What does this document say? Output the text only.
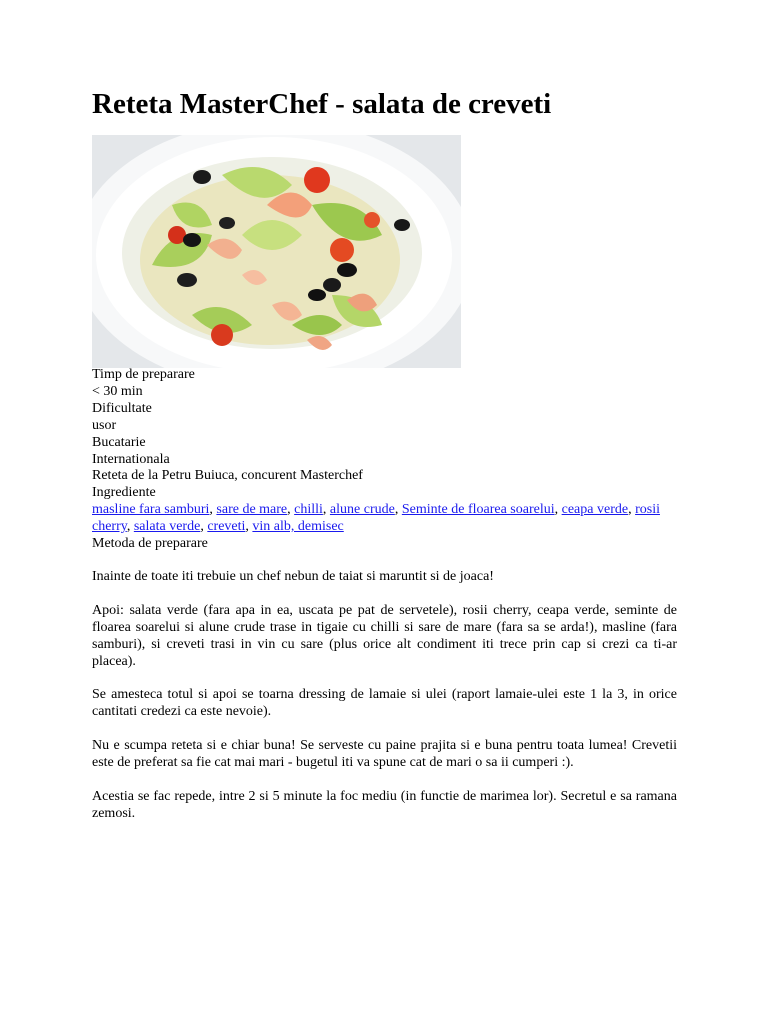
Reteta MasterChef - salata de creveti
Timp de preparare
< 30 min
Dificultate
usor
Bucatarie
Internationala
Reteta de la Petru Buiuca, concurent Masterchef
Ingrediente
masline fara samburi, sare de mare, chilli, alune crude, Seminte de floarea soarelui, ceapa verde, rosii cherry, salata verde, creveti, vin alb, demisec
Metoda de preparare

Inainte de toate iti trebuie un chef nebun de taiat si maruntit si de joaca!

Apoi: salata verde (fara apa in ea, uscata pe pat de servetele), rosii cherry, ceapa verde, seminte de floarea soarelui si alune crude trase in tigaie cu chilli si sare de mare (fara sa se arda!), masline (fara samburi), si creveti trasi in vin cu sare (plus orice alt condiment iti trece prin cap si crezi ca ti-ar placea).

Se amesteca totul si apoi se toarna dressing de lamaie si ulei (raport lamaie-ulei este 1 la 3, in orice cantitati credezi ca este nevoie).

Nu e scumpa reteta si e chiar buna! Se serveste cu paine prajita si e buna pentru toata lumea! Crevetii este de preferat sa fie cat mai mari - bugetul iti va spune cat de mari o sa ii cumperi :).

Acestia se fac repede, intre 2 si 5 minute la foc mediu (in functie de marimea lor). Secretul e sa ramana zemosi.
